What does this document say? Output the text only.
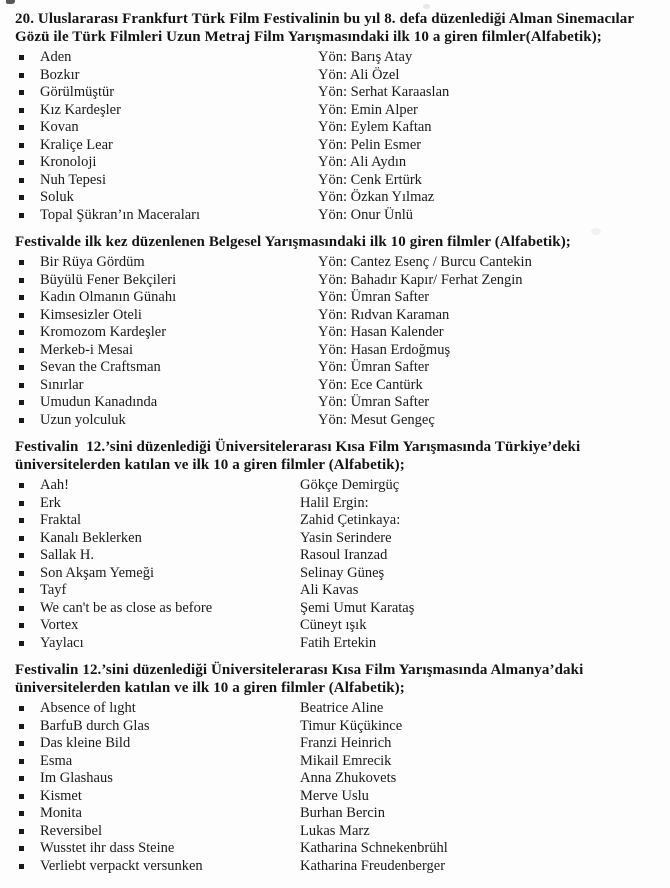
20. Uluslararası Frankfurt Türk Film Festivalinin bu yıl 8. defa düzenlediği Alman Sinemacılar Gözü ile Türk Filmleri Uzun Metraj Film Yarışmasındaki ilk 10 a giren filmler(Alfabetik);

Aden	Yön: Barış Atay
Bozkır	Yön: Ali Özel
Görülmüştür	Yön: Serhat Karaaslan
Kız Kardeşler	Yön: Emin Alper
Kovan	Yön: Eylem Kaftan
Kraliçe Lear	Yön: Pelin Esmer
Kronoloji	Yön: Ali Aydın
Nuh Tepesi	Yön: Cenk Ertürk
Soluk	Yön: Özkan Yılmaz
Topal Şükran’ın Maceraları	Yön: Onur Ünlü

Festivalde ilk kez düzenlenen Belgesel Yarışmasındaki ilk 10 giren filmler (Alfabetik);

Bir Rüya Gördüm	Yön: Cantez Esenç / Burcu Cantekin
Büyülü Fener Bekçileri	Yön: Bahadır Kapır/ Ferhat Zengin
Kadın Olmanın Günahı	Yön: Ümran Safter
Kimsesizler Oteli	Yön: Rıdvan Karaman
Kromozom Kardeşler	Yön: Hasan Kalender
Merkeb-i Mesai	Yön: Hasan Erdoğmuş
Sevan the Craftsman	Yön: Ümran Safter
Sınırlar	Yön: Ece Cantürk
Umudun Kanadında	Yön: Ümran Safter
Uzun yolculuk	Yön: Mesut Gengeç

Festivalin  12.’sini düzenlediği Üniversitelerarası Kısa Film Yarışmasında Türkiye’deki üniversitelerden katılan ve ilk 10 a giren filmler (Alfabetik);

Aah!	Gökçe Demirgüç
Erk	Halil Ergin:
Fraktal	Zahid Çetinkaya:
Kanalı Beklerken	Yasin Serindere
Sallak H.	Rasoul Iranzad
Son Akşam Yemeği	Selinay Güneş
Tayf	Ali Kavas
We can't be as close as before	Şemi Umut Karataş
Vortex	Cüneyt ışık
Yaylacı	Fatih Ertekin

Festivalin 12.’sini düzenlediği Üniversitelerarası Kısa Film Yarışmasında Almanya’daki üniversitelerden katılan ve ilk 10 a giren filmler (Alfabetik);

Absence of lıght	Beatrice Aline
BarfuB durch Glas	Timur Küçükince
Das kleine Bild	Franzi Heinrich
Esma	Mikail Emrecik
Im Glashaus	Anna Zhukovets
Kismet	Merve Uslu
Monita	Burhan Bercin
Reversibel	Lukas Marz
Wusstet ihr dass Steine	Katharina Schnekenbrühl
Verliebt verpackt versunken	Katharina Freudenberger
